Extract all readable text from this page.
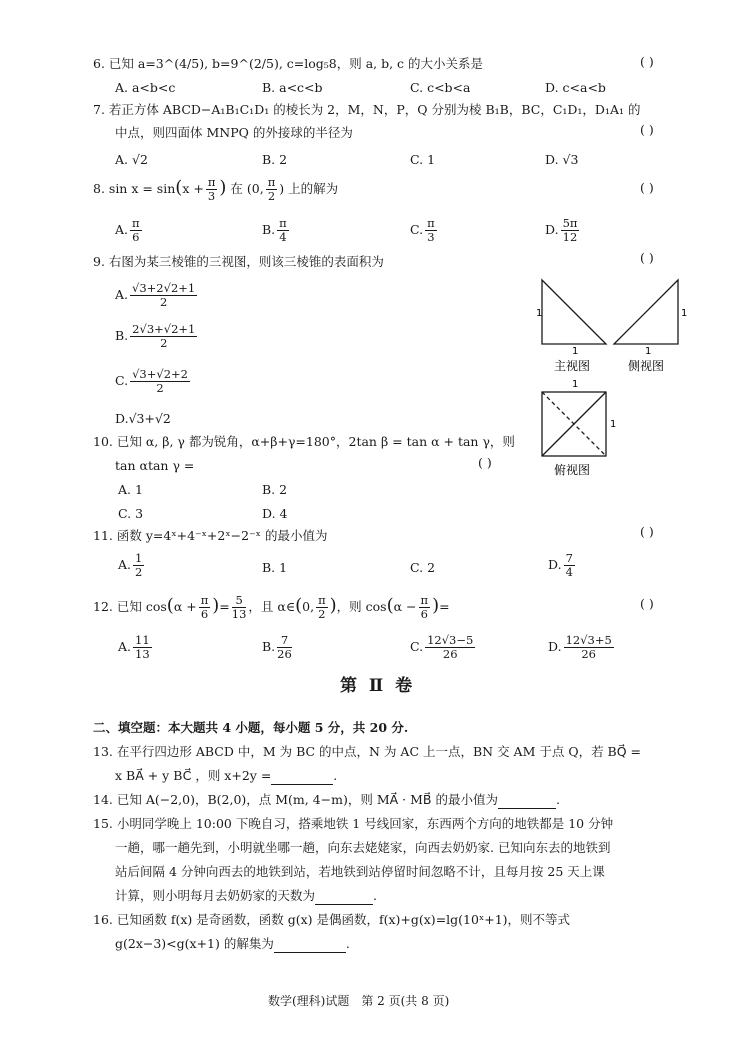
6. 已知 a=3^(4/5), b=9^(2/5), c=log₅8，则 a, b, c 的大小关系是	( )
A. a<b<c	B. a<c<b	C. c<b<a	D. c<a<b
7. 若正方体 ABCD−A₁B₁C₁D₁ 的棱长为 2，M，N，P，Q 分别为棱 B₁B，BC，C₁D₁，D₁A₁ 的
中点，则四面体 MNPQ 的外接球的半径为	( )
A. √2	B. 2	C. 1	D. √3
8. $\sin x = \sin(x + \frac{\pi}{3}$ ) 在 (0, $\frac{\pi}{2}$ ) 上的解为	( )
A. $\frac{\pi}{6}$	B. $\frac{\pi}{4}$	C. $\frac{\pi}{3}$	D. $\frac{5\pi}{12}$
9. 右图为某三棱锥的三视图，则该三棱锥的表面积为	( )
A. $\frac{√3+2√2+1}{2}$
B. $\frac{2√3+√2+1}{2}$
C. $\frac{√3+√2+2}{2}$
D.√3+√2
1
1
主视图
1
1
侧视图
1
1
俯视图
10. 已知 α, β, γ 都为锐角，α+β+γ=180°，2tan β = tan α + tan γ，则
tan αtan γ =	( )
A. 1	B. 2
C. 3	D. 4
11. 函数 y=4ˣ+4⁻ˣ+2ˣ−2⁻ˣ 的最小值为	( )
A. $\frac{1}{2}$	B. 1	C. 2	D. $\frac{7}{4}$
12. 已知 $\cos(\alpha + \frac{\pi}{6}$ )= $\frac{5}{13}$ ，且 α∈(0, $\frac{\pi}{2}$ )，则 $\cos(\alpha - \frac{\pi}{6}$ )=	( )
A. $\frac{11}{13}$	B. $\frac{7}{26}$	C. $\frac{12√3-5}{26}$	D. $\frac{12√3+5}{26}$
第 Ⅱ 卷
二、填空题：本大题共 4 小题，每小题 5 分，共 20 分.
13. 在平行四边形 ABCD 中，M 为 BC 的中点，N 为 AC 上一点，BN 交 AM 于点 Q，若 BQ⃗ =
x BA⃗ + y BC⃗ ，则 x+2y =	.
14. 已知 A(−2,0)，B(2,0)，点 M(m, 4−m)，则 MA⃗ · MB⃗ 的最小值为	.
15. 小明同学晚上 10:00 下晚自习，搭乘地铁 1 号线回家，东西两个方向的地铁都是 10 分钟
一趟，哪一趟先到，小明就坐哪一趟，向东去姥姥家，向西去奶奶家. 已知向东去的地铁到
站后间隔 4 分钟向西去的地铁到站，若地铁到站停留时间忽略不计，且每月按 25 天上课
计算，则小明每月去奶奶家的天数为	.
16. 已知函数 f(x) 是奇函数，函数 g(x) 是偶函数，f(x)+g(x)=lg(10ˣ+1)，则不等式
g(2x−3)<g(x+1) 的解集为	.
数学(理科)试题　第 2 页(共 8 页)
